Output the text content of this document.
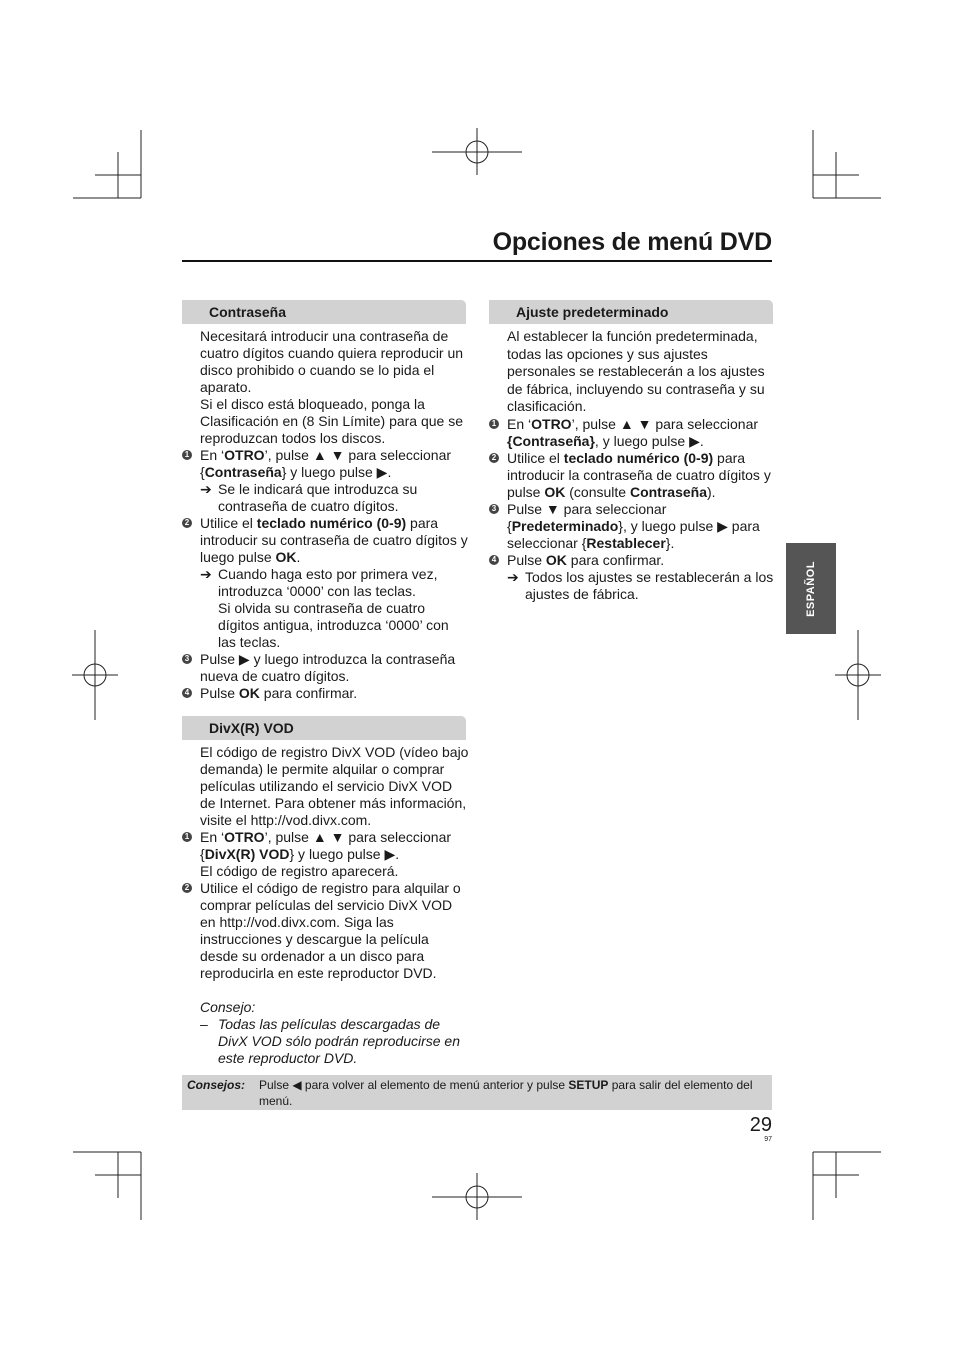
Opciones de menú DVD
Contraseña

Necesitará introducir una contraseña de cuatro dígitos cuando quiera reproducir un disco prohibido o cuando se lo pida el aparato.

Si el disco está bloqueado, ponga la Clasificación en (8 Sin Límite) para que se reproduzcan todos los discos.

1 En ‘OTRO’, pulse ▲ ▼ para seleccionar {Contraseña} y luego pulse ▶.
➔ Se le indicará que introduzca su contraseña de cuatro dígitos.
2 Utilice el teclado numérico (0-9) para introducir su contraseña de cuatro dígitos y luego pulse OK.
➔ Cuando haga esto por primera vez, introduzca ‘0000’ con las teclas.
Si olvida su contraseña de cuatro dígitos antigua, introduzca ‘0000’ con las teclas.
3 Pulse ▶ y luego introduzca la contraseña nueva de cuatro dígitos.
4 Pulse OK para confirmar.
DivX(R) VOD

El código de registro DivX VOD (vídeo bajo demanda) le permite alquilar o comprar películas utilizando el servicio DivX VOD de Internet. Para obtener más información, visite el http://vod.divx.com.

1 En ‘OTRO’, pulse ▲ ▼ para seleccionar {DivX(R) VOD} y luego pulse ▶.
El código de registro aparecerá.
2 Utilice el código de registro para alquilar o comprar películas del servicio DivX VOD en http://vod.divx.com. Siga las instrucciones y descargue la película desde su ordenador a un disco para reproducirla en este reproductor DVD.
Consejo:
– Todas las películas descargadas de DivX VOD sólo podrán reproducirse en este reproductor DVD.
Ajuste predeterminado

Al establecer la función predeterminada, todas las opciones y sus ajustes personales se restablecerán a los ajustes de fábrica, incluyendo su contraseña y su clasificación.

1 En ‘OTRO’, pulse ▲ ▼ para seleccionar {Contraseña}, y luego pulse ▶.
2 Utilice el teclado numérico (0-9) para introducir la contraseña de cuatro dígitos y pulse OK (consulte Contraseña).
3 Pulse ▼ para seleccionar {Predeterminado}, y luego pulse ▶ para seleccionar {Restablecer}.
4 Pulse OK para confirmar.
➔ Todos los ajustes se restablecerán a los ajustes de fábrica.	ESPAÑOL
Consejos: Pulse ◀ para volver al elemento de menú anterior y pulse SETUP para salir del elemento del menú.
29
97
